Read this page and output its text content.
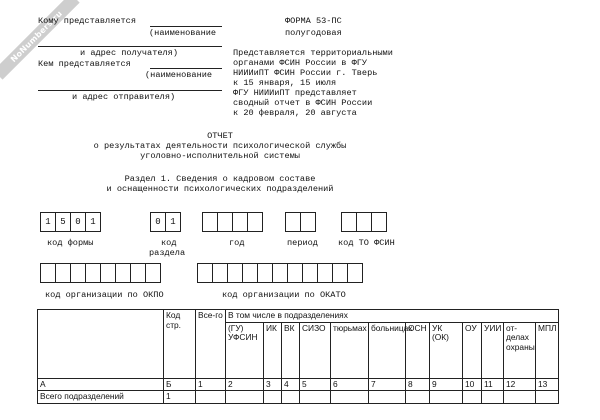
NoNumbers.ru
Кому представляется
(наименование
и адрес получателя)
Кем представляется
(наименование
и адрес отправителя)
ФОРМА 53-ПС
полугодовая
Представляется территориальными
органами ФСИН России в ФГУ
НИИИиПТ ФСИН России г. Тверь
к 15 января, 15 июля
ФГУ НИИИиПТ представляет
сводный отчет в ФСИН России
к 20 февраля, 20 августа
ОТЧЕТ
о результатах деятельности психологической службы
уголовно-исполнительной системы
Раздел 1. Сведения о кадровом составе
и оснащенности психологических подразделений
1	5	0	1	0	1
код формы	код
раздела
год	период код ТО ФСИН
код организации по ОКПО	код организации по ОКАТО
	Код стр.	Все-го	В том числе в подразделениях											
			(ГУ) УФСИН	ИК	ВК	СИЗО	тюрьмах	больницах	ОСН	УК (ОК)	ОУ	УИИ	от-делах охраны	МПЛ
А	Б	1	2	3	4	5	6	7	8	9	10	11	12	13
Всего подразделений	1													
